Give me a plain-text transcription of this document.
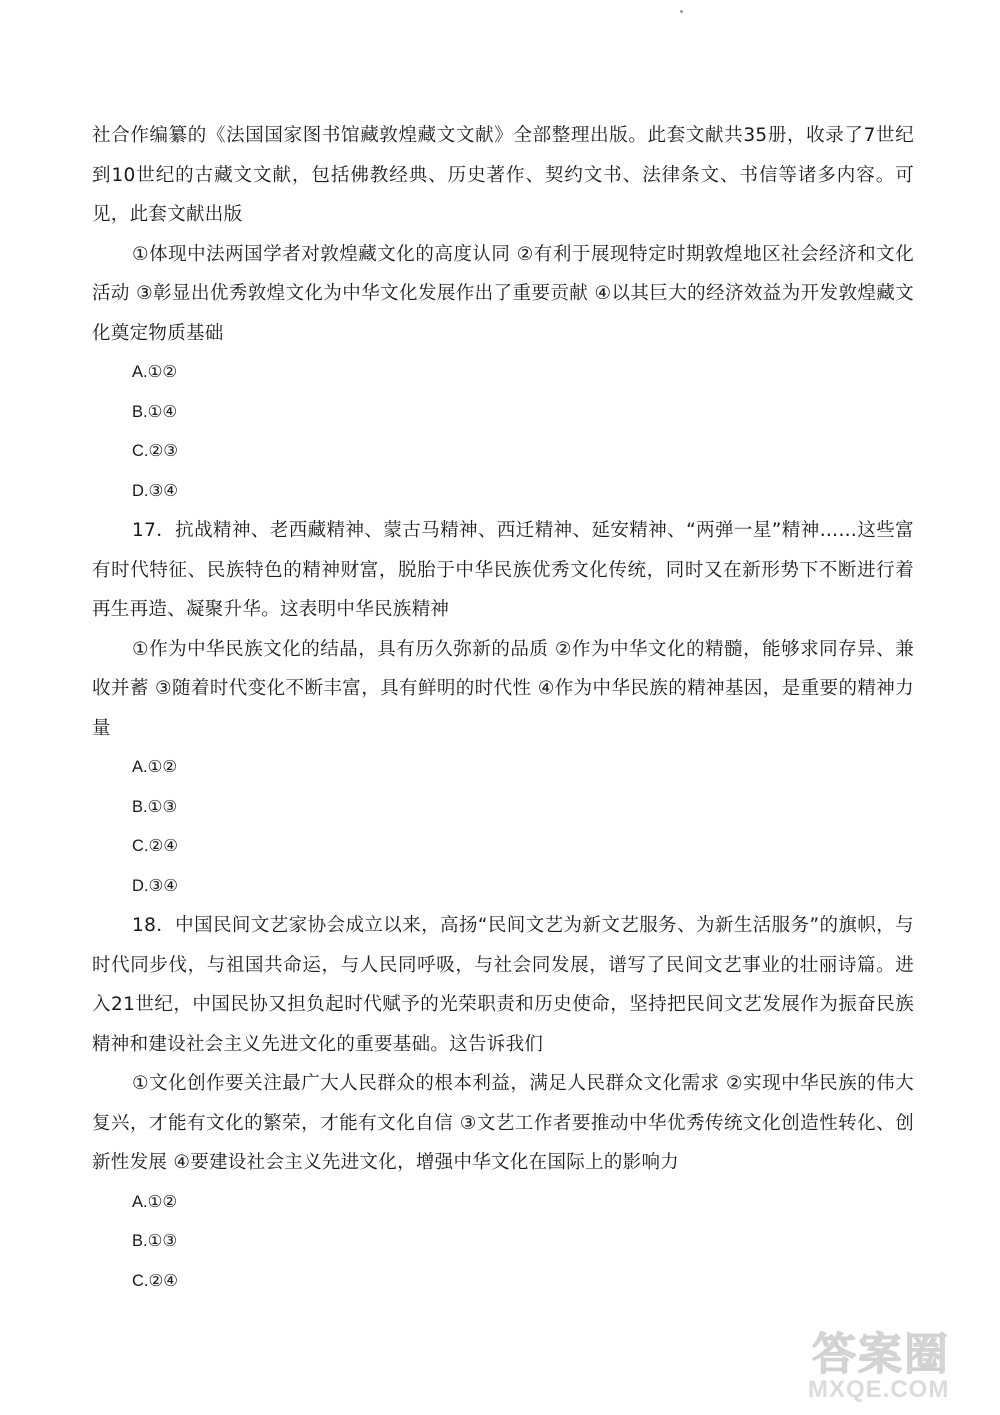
社合作编纂的《法国国家图书馆藏敦煌藏文文献》全部整理出版。此套文献共35册，收录了7世纪到10世纪的古藏文文献，包括佛教经典、历史著作、契约文书、法律条文、书信等诸多内容。可见，此套文献出版

①体现中法两国学者对敦煌藏文化的高度认同 ②有利于展现特定时期敦煌地区社会经济和文化活动 ③彰显出优秀敦煌文化为中华文化发展作出了重要贡献 ④以其巨大的经济效益为开发敦煌藏文化奠定物质基础

A.①②

B.①④

C.②③

D.③④

17．抗战精神、老西藏精神、蒙古马精神、西迁精神、延安精神、“两弹一星”精神……这些富有时代特征、民族特色的精神财富，脱胎于中华民族优秀文化传统，同时又在新形势下不断进行着再生再造、凝聚升华。这表明中华民族精神

①作为中华民族文化的结晶，具有历久弥新的品质 ②作为中华文化的精髓，能够求同存异、兼收并蓄 ③随着时代变化不断丰富，具有鲜明的时代性 ④作为中华民族的精神基因，是重要的精神力量

A.①②

B.①③

C.②④

D.③④

18．中国民间文艺家协会成立以来，高扬“民间文艺为新文艺服务、为新生活服务”的旗帜，与时代同步伐，与祖国共命运，与人民同呼吸，与社会同发展，谱写了民间文艺事业的壮丽诗篇。进入21世纪，中国民协又担负起时代赋予的光荣职责和历史使命，坚持把民间文艺发展作为振奋民族精神和建设社会主义先进文化的重要基础。这告诉我们

①文化创作要关注最广大人民群众的根本利益，满足人民群众文化需求 ②实现中华民族的伟大复兴，才能有文化的繁荣，才能有文化自信 ③文艺工作者要推动中华优秀传统文化创造性转化、创新性发展 ④要建设社会主义先进文化，增强中华文化在国际上的影响力

A.①②

B.①③

C.②④

答案圈
MXQE.COM
